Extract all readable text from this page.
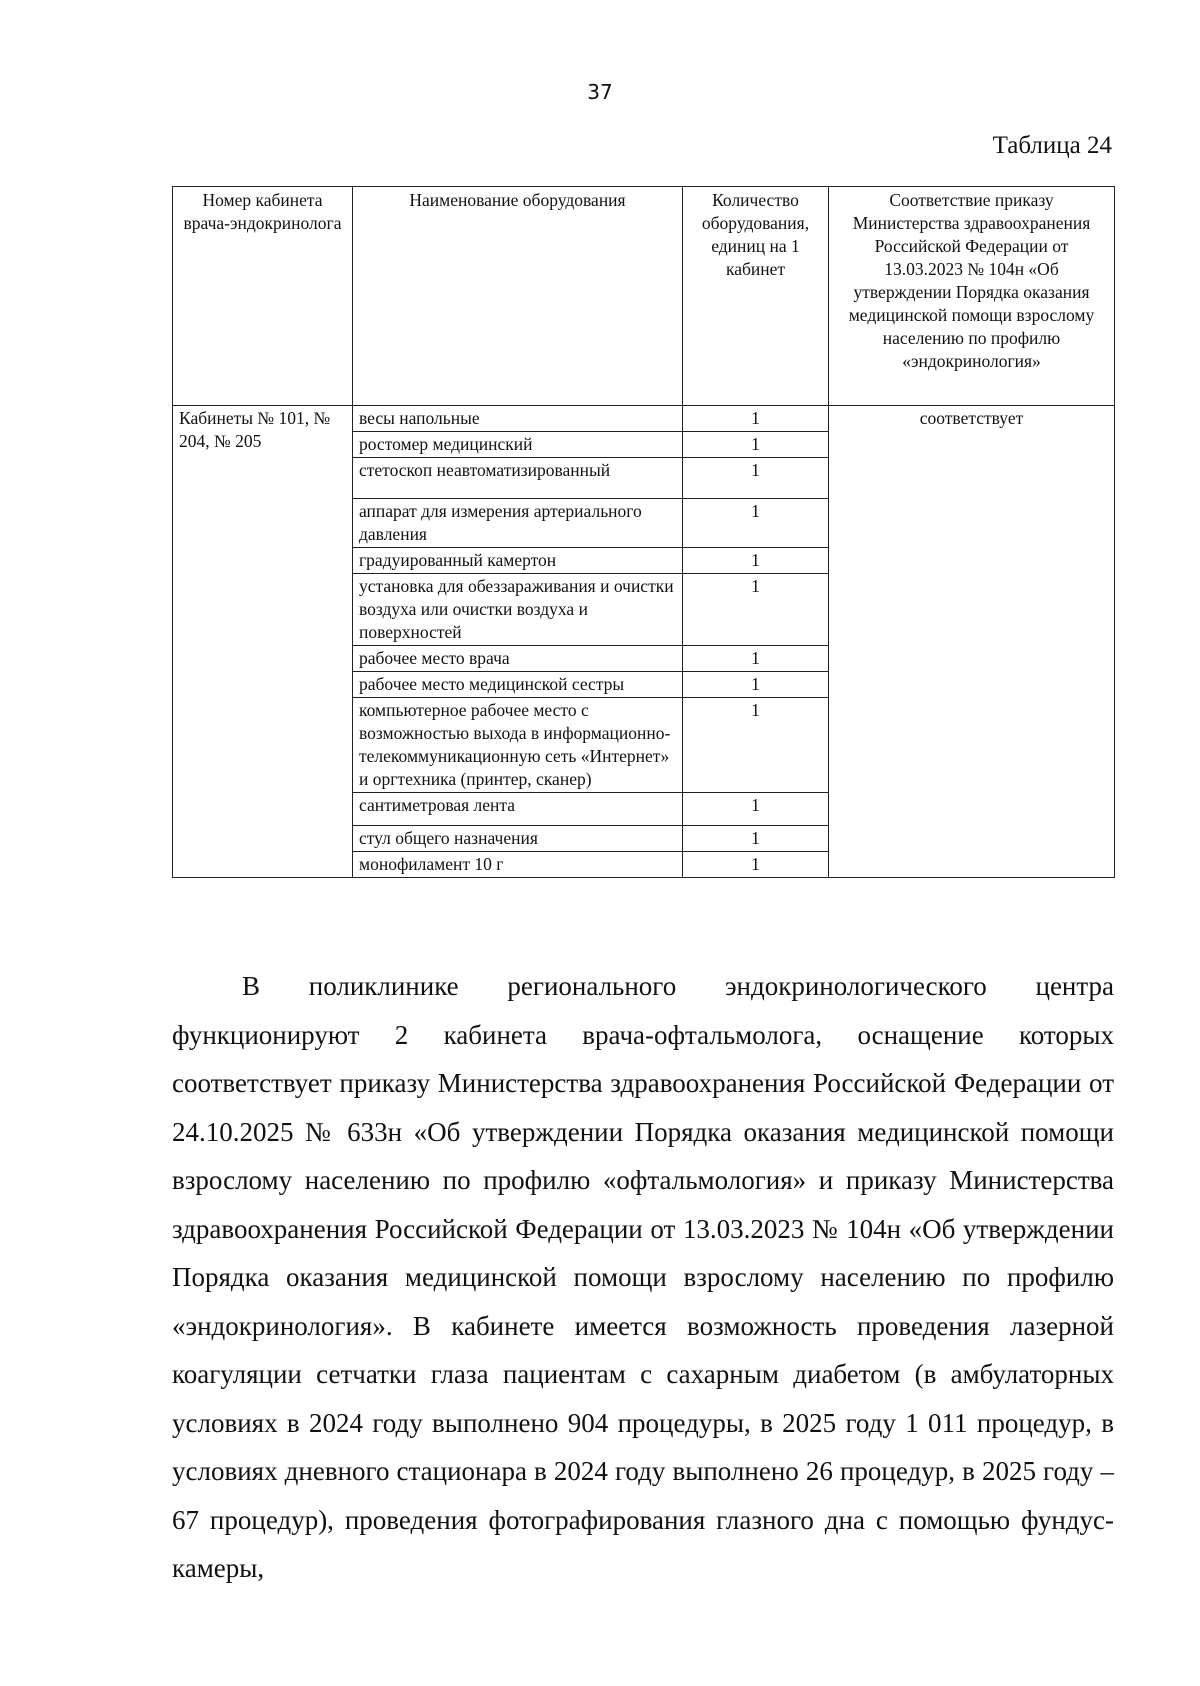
37
Таблица 24
Номер кабинета врача-эндокринолога	Наименование оборудования	Количество оборудования, единиц на 1 кабинет	Соответствие приказу Министерства здравоохранения Российской Федерации от 13.03.2023 № 104н «Об утверждении Порядка оказания медицинской помощи взрослому населению по профилю «эндокринология»
Кабинеты № 101, № 204, № 205	весы напольные	1	соответствует
	ростомер медицинский	1	
	стетоскоп неавтоматизированный	1	
	аппарат для измерения артериального давления	1	
	градуированный камертон	1	
	установка для обеззараживания и очистки воздуха или очистки воздуха и поверхностей	1	
	рабочее место врача	1	
	рабочее место медицинской сестры	1	
	компьютерное рабочее место с возможностью выхода в информационно-телекоммуникационную сеть «Интернет» и оргтехника (принтер, сканер)	1	
	сантиметровая лента	1	
	стул общего назначения	1	
	монофиламент 10 г	1	

В поликлинике регионального эндокринологического центра функционируют 2 кабинета врача-офтальмолога, оснащение которых соответствует приказу Министерства здравоохранения Российской Федерации от 24.10.2025 № 633н «Об утверждении Порядка оказания медицинской помощи взрослому населению по профилю «офтальмология» и приказу Министерства здравоохранения Российской Федерации от 13.03.2023 № 104н «Об утверждении Порядка оказания медицинской помощи взрослому населению по профилю «эндокринология». В кабинете имеется возможность проведения лазерной коагуляции сетчатки глаза пациентам с сахарным диабетом (в амбулаторных условиях в 2024 году выполнено 904 процедуры, в 2025 году 1 011 процедур, в условиях дневного стационара в 2024 году выполнено 26 процедур, в 2025 году – 67 процедур), проведения фотографирования глазного дна с помощью фундус-камеры,
